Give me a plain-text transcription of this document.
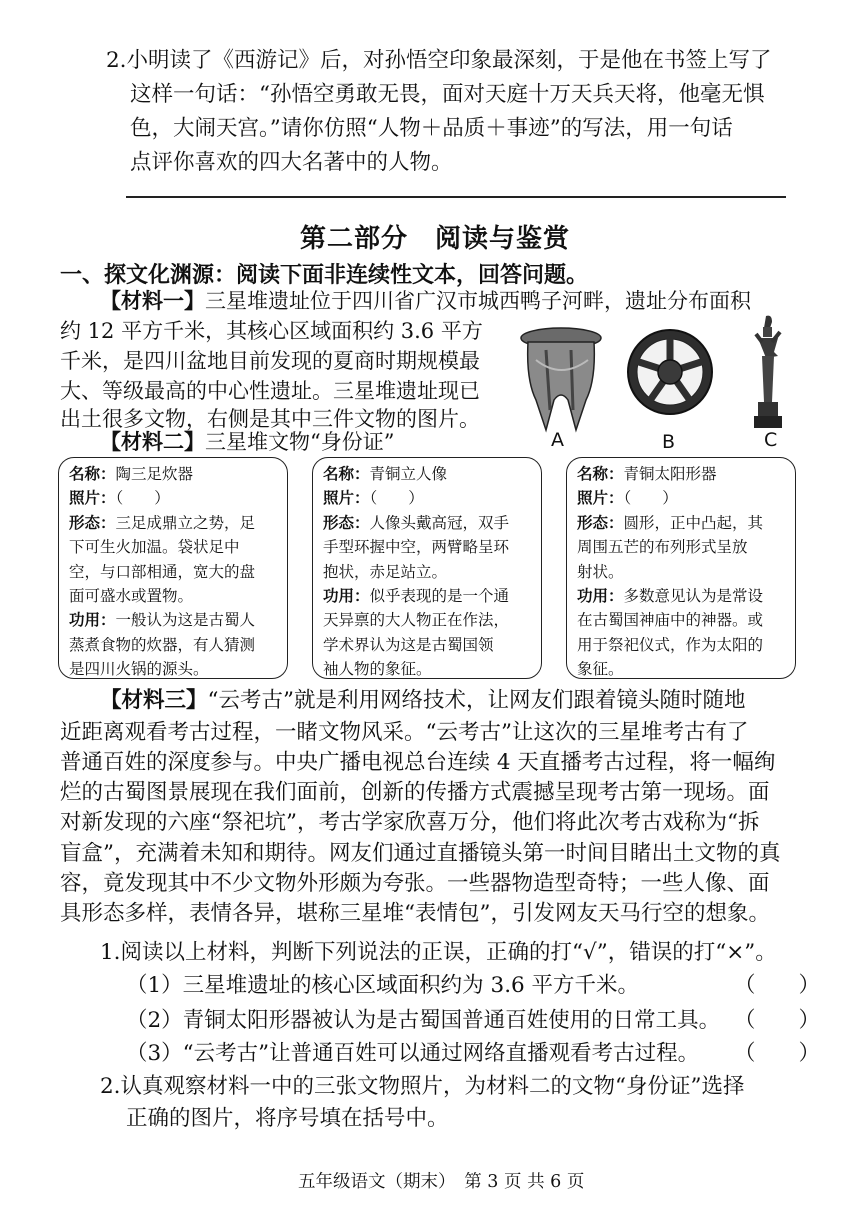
2.小明读了《西游记》后，对孙悟空印象最深刻，于是他在书签上写了
这样一句话：“孙悟空勇敢无畏，面对天庭十万天兵天将，他毫无惧
色，大闹天宫。”请你仿照“人物＋品质＋事迹”的写法，用一句话
点评你喜欢的四大名著中的人物。
第二部分　阅读与鉴赏
一、探文化渊源：阅读下面非连续性文本，回答问题。
【材料一】三星堆遗址位于四川省广汉市城西鸭子河畔，遗址分布面积
约 12 平方千米，其核心区域面积约 3.6 平方
千米，是四川盆地目前发现的夏商时期规模最
大、等级最高的中心性遗址。三星堆遗址现已
出土很多文物，右侧是其中三件文物的图片。
A	B	C
【材料二】三星堆文物“身份证”
名称：陶三足炊器
照片：（　　）
形态：三足成鼎立之势，足
下可生火加温。袋状足中
空，与口部相通，宽大的盘
面可盛水或置物。
功用：一般认为这是古蜀人
蒸煮食物的炊器，有人猜测
是四川火锅的源头。
名称：青铜立人像
照片：（　　）
形态：人像头戴高冠，双手
手型环握中空，两臂略呈环
抱状，赤足站立。
功用：似乎表现的是一个通
天异禀的大人物正在作法，
学术界认为这是古蜀国领
袖人物的象征。
名称：青铜太阳形器
照片：（　　）
形态：圆形，正中凸起，其
周围五芒的布列形式呈放
射状。
功用：多数意见认为是常设
在古蜀国神庙中的神器。或
用于祭祀仪式，作为太阳的
象征。
【材料三】“云考古”就是利用网络技术，让网友们跟着镜头随时随地
近距离观看考古过程，一睹文物风采。“云考古”让这次的三星堆考古有了
普通百姓的深度参与。中央广播电视总台连续 4 天直播考古过程，将一幅绚
烂的古蜀图景展现在我们面前，创新的传播方式震撼呈现考古第一现场。面
对新发现的六座“祭祀坑”，考古学家欣喜万分，他们将此次考古戏称为“拆
盲盒”，充满着未知和期待。网友们通过直播镜头第一时间目睹出土文物的真
容，竟发现其中不少文物外形颇为夸张。一些器物造型奇特；一些人像、面
具形态多样，表情各异，堪称三星堆“表情包”，引发网友天马行空的想象。
1.阅读以上材料，判断下列说法的正误，正确的打“√”，错误的打“×”。
（1）三星堆遗址的核心区域面积约为 3.6 平方千米。	（　　）
（2）青铜太阳形器被认为是古蜀国普通百姓使用的日常工具。 （　　）
（3）“云考古”让普通百姓可以通过网络直播观看考古过程。 （　　）
2.认真观察材料一中的三张文物照片，为材料二的文物“身份证”选择
正确的图片，将序号填在括号中。
五年级语文（期末）　第 3 页 共 6 页
